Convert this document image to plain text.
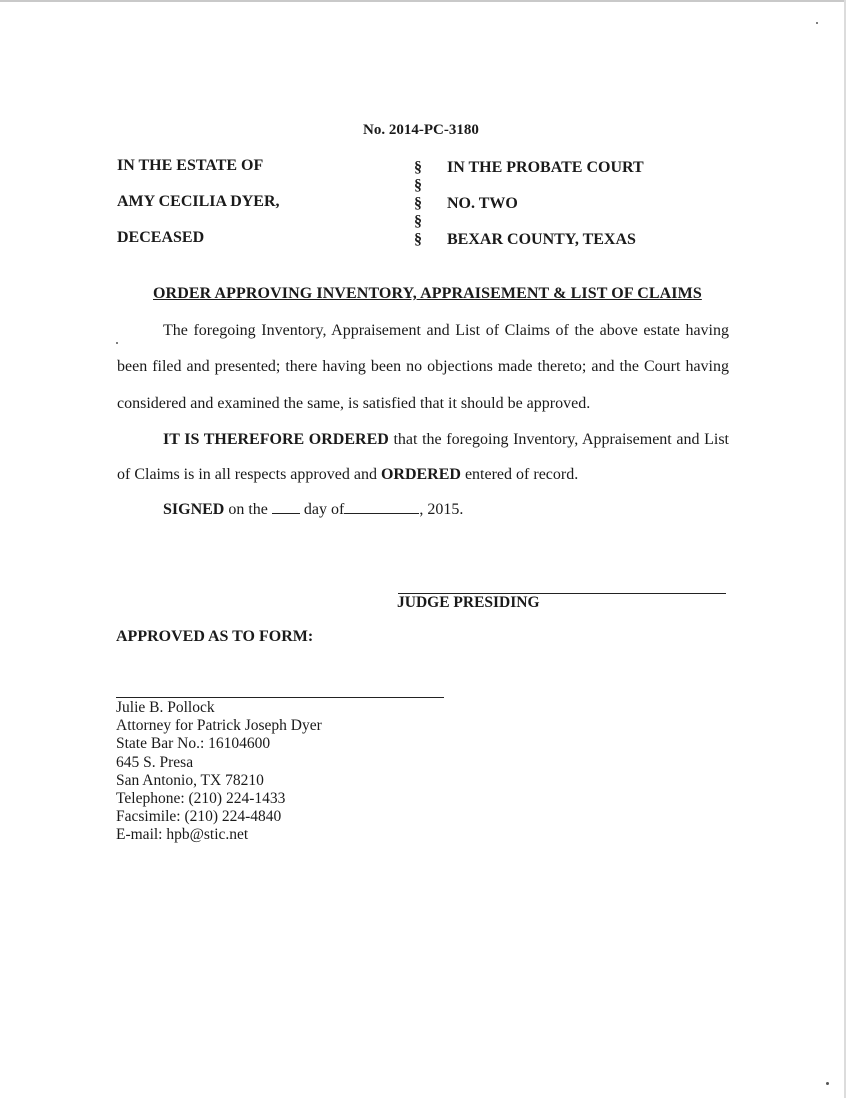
No. 2014-PC-3180
IN THE ESTATE OF
AMY CECILIA DYER,
DECEASED
§
§
§
§
§
IN THE PROBATE COURT
NO. TWO
BEXAR COUNTY, TEXAS
ORDER APPROVING INVENTORY, APPRAISEMENT & LIST OF CLAIMS
The foregoing Inventory, Appraisement and List of Claims of the above estate having
been filed and presented; there having been no objections made thereto; and the Court having
considered and examined the same, is satisfied that it should be approved.
IT IS THEREFORE ORDERED that the foregoing Inventory, Appraisement and List
of Claims is in all respects approved and ORDERED entered of record.
SIGNED on the day of	, 2015.
JUDGE PRESIDING
APPROVED AS TO FORM:
Julie B. Pollock
Attorney for Patrick Joseph Dyer
State Bar No.: 16104600
645 S. Presa
San Antonio, TX 78210
Telephone: (210) 224-1433
Facsimile: (210) 224-4840
E-mail: hpb@stic.net
